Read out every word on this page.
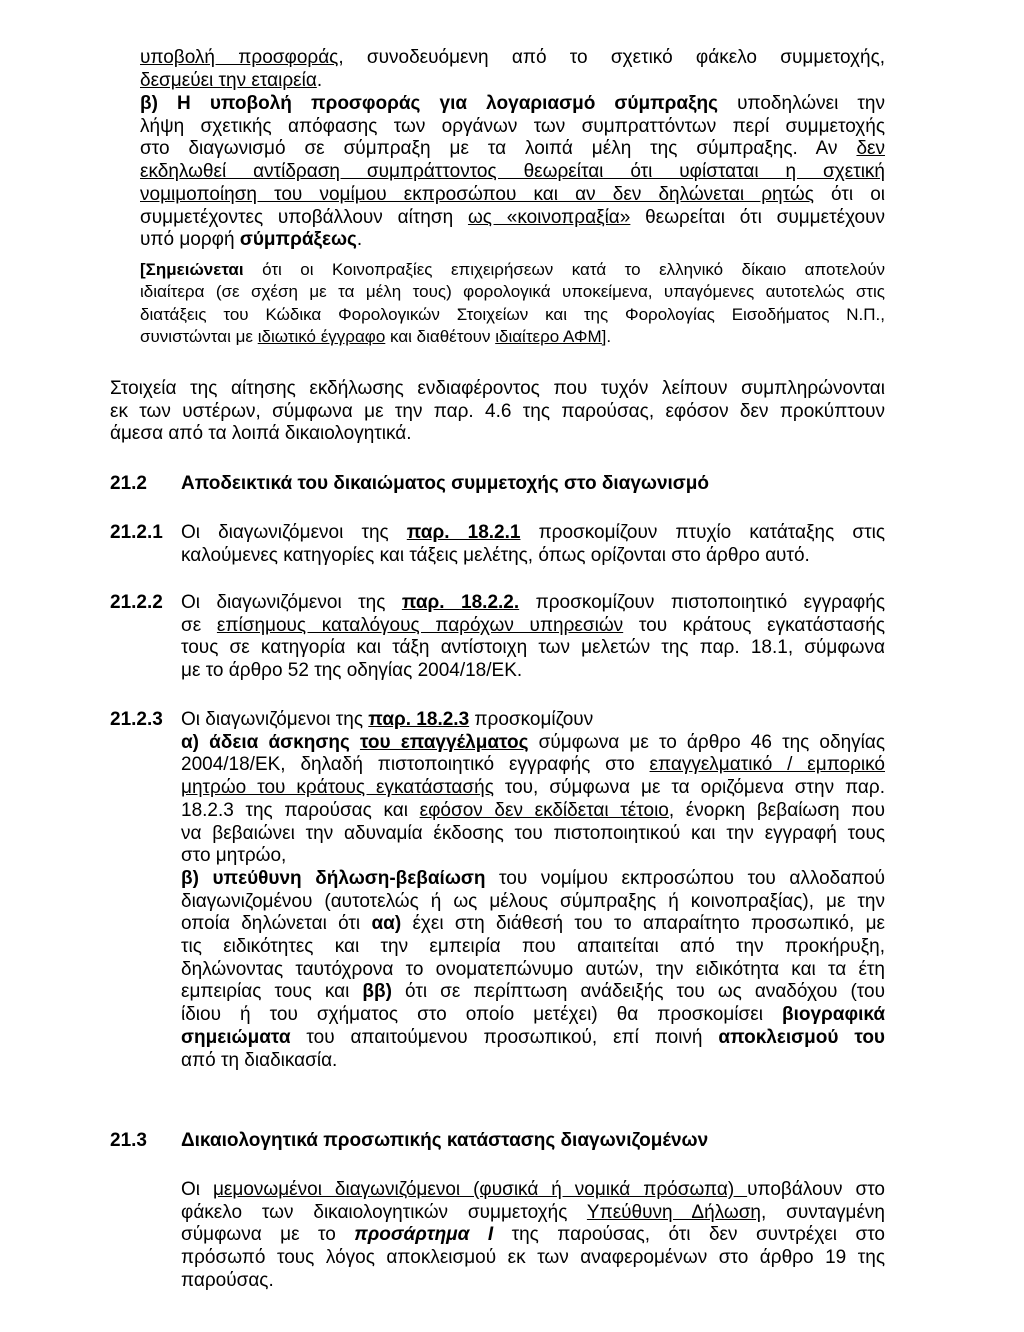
υποβολή προσφοράς, συνοδευόμενη από το σχετικό φάκελο συμμετοχής,
δεσμεύει την εταιρεία.
β) Η υποβολή προσφοράς για λογαριασμό σύμπραξης υποδηλώνει την
λήψη σχετικής απόφασης των οργάνων των συμπραττόντων περί συμμετοχής
στο διαγωνισμό σε σύμπραξη με τα λοιπά μέλη της σύμπραξης. Αν δεν
εκδηλωθεί αντίδραση συμπράττοντος θεωρείται ότι υφίσταται η σχετική
νομιμοποίηση του νομίμου εκπροσώπου και αν δεν δηλώνεται ρητώς ότι οι
συμμετέχοντες υποβάλλουν αίτηση ως «κοινοπραξία» θεωρείται ότι συμμετέχουν
υπό μορφή σύμπράξεως.
[Σημειώνεται ότι οι Κοινοπραξίες επιχειρήσεων κατά το ελληνικό δίκαιο αποτελούν
ιδιαίτερα (σε σχέση με τα μέλη τους) φορολογικά υποκείμενα, υπαγόμενες αυτοτελώς στις
διατάξεις του Κώδικα Φορολογικών Στοιχείων και της Φορολογίας Εισοδήματος Ν.Π.,
συνιστώνται με ιδιωτικό έγγραφο και διαθέτουν ιδιαίτερο ΑΦΜ].
Στοιχεία της αίτησης εκδήλωσης ενδιαφέροντος που τυχόν λείπουν συμπληρώνονται
εκ των υστέρων, σύμφωνα με την παρ. 4.6 της παρούσας, εφόσον δεν προκύπτουν
άμεσα από τα λοιπά δικαιολογητικά.
21.2 Αποδεικτικά του δικαιώματος συμμετοχής στο διαγωνισμό
21.2.1 Οι διαγωνιζόμενοι της παρ. 18.2.1 προσκομίζουν πτυχίο κατάταξης στις
καλούμενες κατηγορίες και τάξεις μελέτης, όπως ορίζονται στο άρθρο αυτό.
21.2.2 Οι διαγωνιζόμενοι της παρ. 18.2.2. προσκομίζουν πιστοποιητικό εγγραφής
σε επίσημους καταλόγους παρόχων υπηρεσιών του κράτους εγκατάστασής
τους σε κατηγορία και τάξη αντίστοιχη των μελετών της παρ. 18.1, σύμφωνα
με το άρθρο 52 της οδηγίας 2004/18/ΕΚ.
21.2.3 Οι διαγωνιζόμενοι της παρ. 18.2.3 προσκομίζουν
α) άδεια άσκησης του επαγγέλματος σύμφωνα με το άρθρο 46 της οδηγίας
2004/18/ΕΚ, δηλαδή πιστοποιητικό εγγραφής στο επαγγελματικό / εμπορικό
μητρώο του κράτους εγκατάστασής του, σύμφωνα με τα οριζόμενα στην παρ.
18.2.3 της παρούσας και εφόσον δεν εκδίδεται τέτοιο, ένορκη βεβαίωση που
να βεβαιώνει την αδυναμία έκδοσης του πιστοποιητικού και την εγγραφή τους
στο μητρώο,
β) υπεύθυνη δήλωση-βεβαίωση του νομίμου εκπροσώπου του αλλοδαπού
διαγωνιζομένου (αυτοτελώς ή ως μέλους σύμπραξης ή κοινοπραξίας), με την
οποία δηλώνεται ότι αα) έχει στη διάθεσή του το απαραίτητο προσωπικό, με
τις ειδικότητες και την εμπειρία που απαιτείται από την προκήρυξη,
δηλώνοντας ταυτόχρονα το ονοματεπώνυμο αυτών, την ειδικότητα και τα έτη
εμπειρίας τους και ββ) ότι σε περίπτωση ανάδειξής του ως αναδόχου (του
ίδιου ή του σχήματος στο οποίο μετέχει) θα προσκομίσει βιογραφικά
σημειώματα του απαιτούμενου προσωπικού, επί ποινή αποκλεισμού του
από τη διαδικασία.
21.3 Δικαιολογητικά προσωπικής κατάστασης διαγωνιζομένων
Οι μεμονωμένοι διαγωνιζόμενοι (φυσικά ή νομικά πρόσωπα) υποβάλουν στο
φάκελο των δικαιολογητικών συμμετοχής Υπεύθυνη Δήλωση, συνταγμένη
σύμφωνα με το προσάρτημα Ι της παρούσας, ότι δεν συντρέχει στο
πρόσωπό τους λόγος αποκλεισμού εκ των αναφερομένων στο άρθρο 19 της
παρούσας.
